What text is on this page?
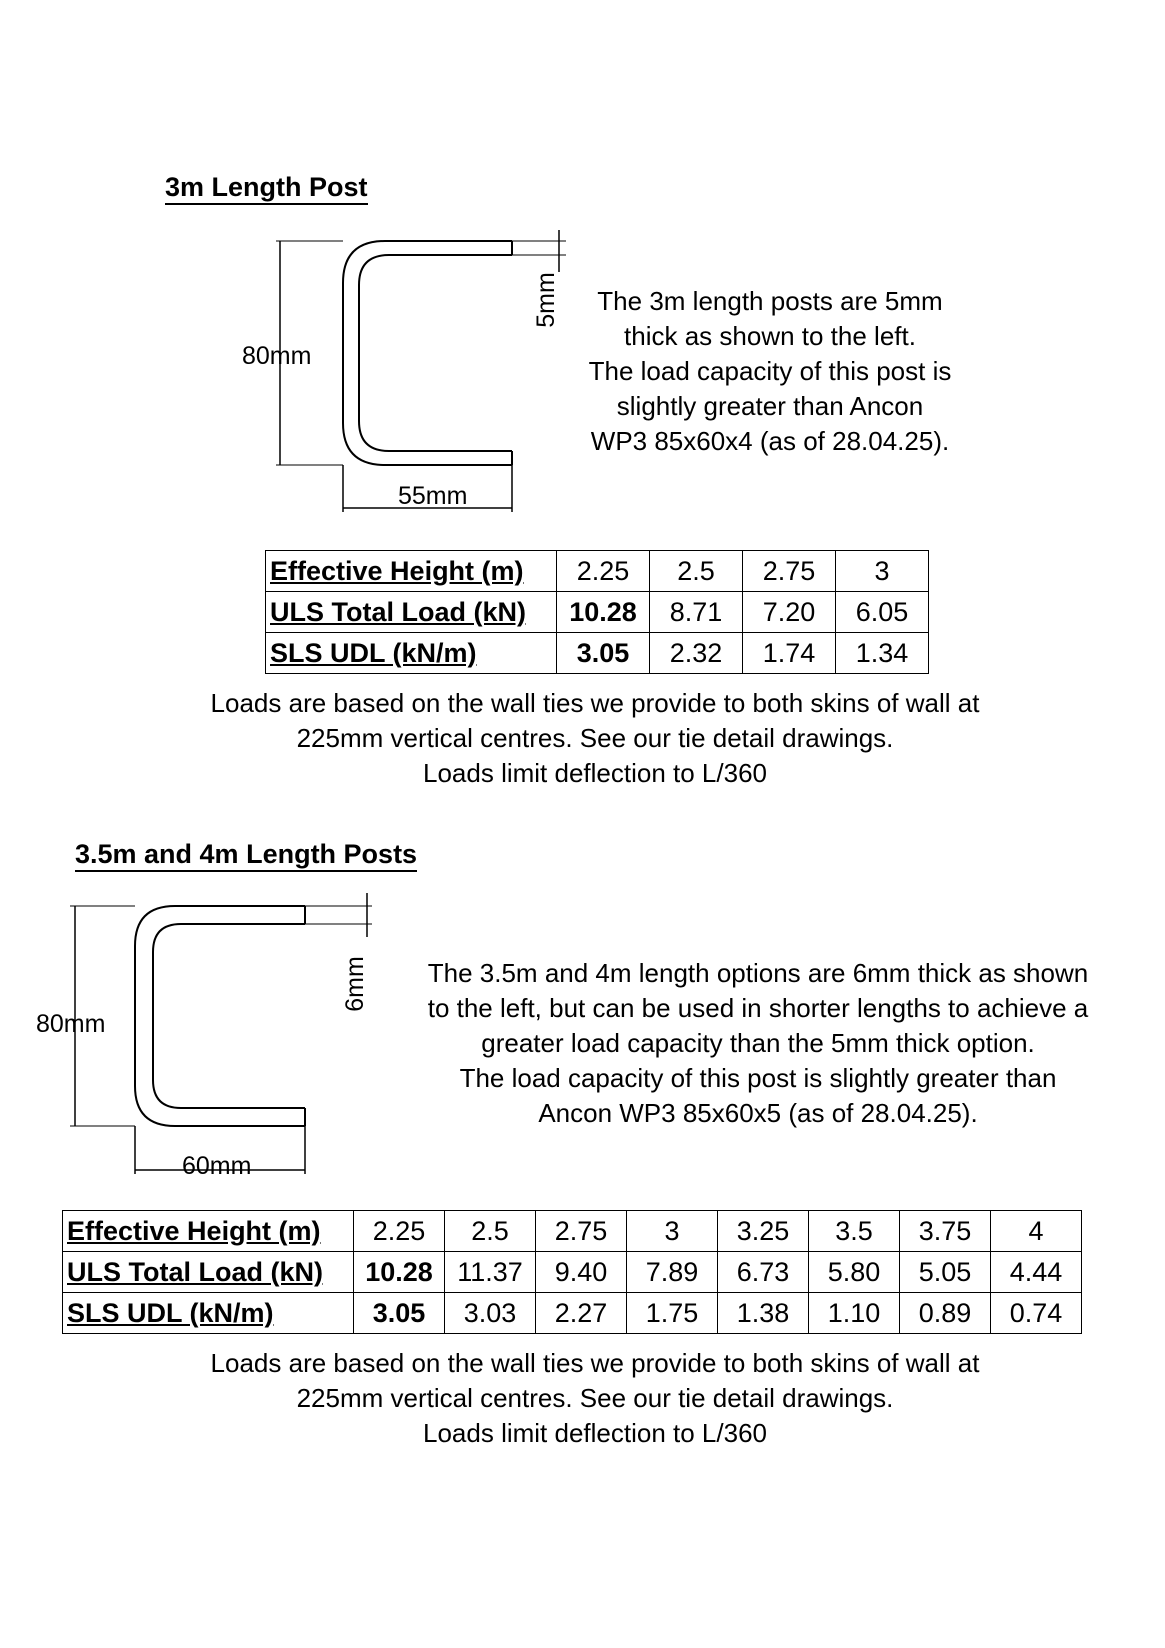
3m Length Post
80mm
55mm
5mm	The 3m length posts are 5mm
thick as shown to the left.
The load capacity of this post is
slightly greater than Ancon
WP3 85x60x4 (as of 28.04.25).
Effective Height (m)	2.25	2.5	2.75	3
ULS Total Load (kN)	10.28	8.71	7.20	6.05
SLS UDL (kN/m)	3.05	2.32	1.74	1.34
Loads are based on the wall ties we provide to both skins of wall at
225mm vertical centres. See our tie detail drawings.
Loads limit deflection to L/360
3.5m and 4m Length Posts
80mm
60mm
6mm	The 3.5m and 4m length options are 6mm thick as shown
to the left, but can be used in shorter lengths to achieve a
greater load capacity than the 5mm thick option.
The load capacity of this post is slightly greater than
Ancon WP3 85x60x5 (as of 28.04.25).
Effective Height (m)	2.25	2.5	2.75	3	3.25	3.5	3.75	4
ULS Total Load (kN)	10.28	11.37	9.40	7.89	6.73	5.80	5.05	4.44
SLS UDL (kN/m)	3.05	3.03	2.27	1.75	1.38	1.10	0.89	0.74
Loads are based on the wall ties we provide to both skins of wall at
225mm vertical centres. See our tie detail drawings.
Loads limit deflection to L/360
